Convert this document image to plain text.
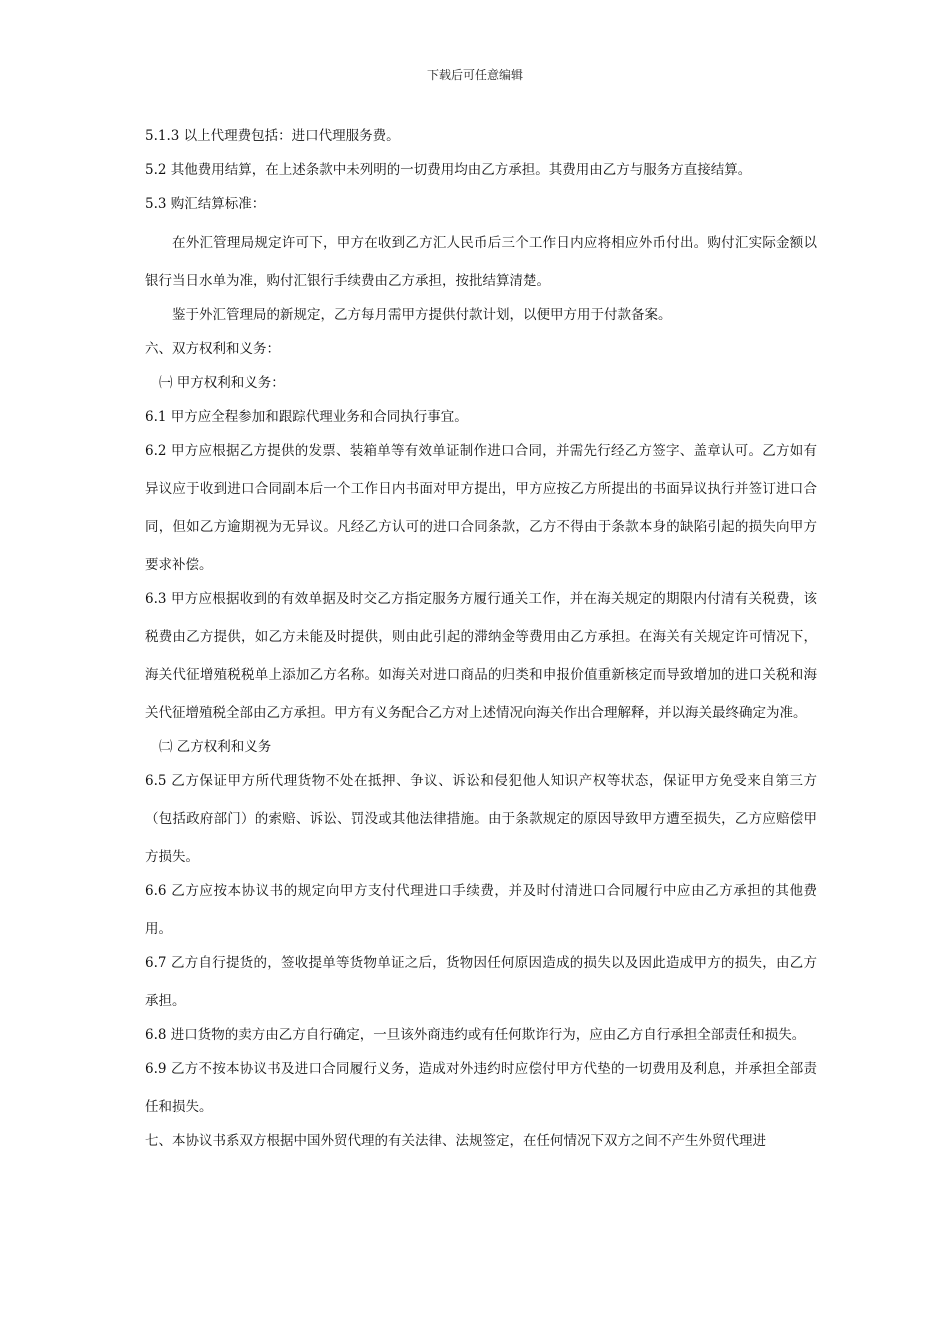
下载后可任意编辑

5.1.3 以上代理费包括：进口代理服务费。

5.2 其他费用结算，在上述条款中未列明的一切费用均由乙方承担。其费用由乙方与服务方直接结算。

5.3 购汇结算标准：

在外汇管理局规定许可下，甲方在收到乙方汇人民币后三个工作日内应将相应外币付出。购付汇实际金额以银行当日水单为准，购付汇银行手续费由乙方承担，按批结算清楚。

鉴于外汇管理局的新规定，乙方每月需甲方提供付款计划，以便甲方用于付款备案。

六、双方权利和义务：

㈠ 甲方权利和义务：

6.1 甲方应全程参加和跟踪代理业务和合同执行事宜。

6.2 甲方应根据乙方提供的发票、装箱单等有效单证制作进口合同，并需先行经乙方签字、盖章认可。乙方如有异议应于收到进口合同副本后一个工作日内书面对甲方提出，甲方应按乙方所提出的书面异议执行并签订进口合同，但如乙方逾期视为无异议。凡经乙方认可的进口合同条款，乙方不得由于条款本身的缺陷引起的损失向甲方要求补偿。

6.3 甲方应根据收到的有效单据及时交乙方指定服务方履行通关工作，并在海关规定的期限内付清有关税费，该税费由乙方提供，如乙方未能及时提供，则由此引起的滞纳金等费用由乙方承担。在海关有关规定许可情况下，海关代征增殖税税单上添加乙方名称。如海关对进口商品的归类和申报价值重新核定而导致增加的进口关税和海关代征增殖税全部由乙方承担。甲方有义务配合乙方对上述情况向海关作出合理解释，并以海关最终确定为准。

㈡ 乙方权利和义务

6.5 乙方保证甲方所代理货物不处在抵押、争议、诉讼和侵犯他人知识产权等状态，保证甲方免受来自第三方（包括政府部门）的索赔、诉讼、罚没或其他法律措施。由于条款规定的原因导致甲方遭至损失，乙方应赔偿甲方损失。

6.6 乙方应按本协议书的规定向甲方支付代理进口手续费，并及时付清进口合同履行中应由乙方承担的其他费用。

6.7 乙方自行提货的，签收提单等货物单证之后，货物因任何原因造成的损失以及因此造成甲方的损失，由乙方承担。

6.8 进口货物的卖方由乙方自行确定，一旦该外商违约或有任何欺诈行为，应由乙方自行承担全部责任和损失。

6.9 乙方不按本协议书及进口合同履行义务，造成对外违约时应偿付甲方代垫的一切费用及利息，并承担全部责任和损失。

七、本协议书系双方根据中国外贸代理的有关法律、法规签定，在任何情况下双方之间不产生外贸代理进
